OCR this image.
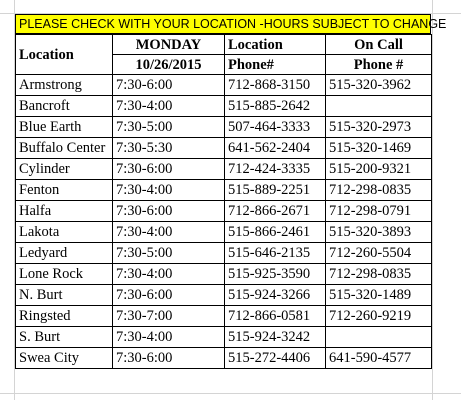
PLEASE CHECK WITH YOUR LOCATION -HOURS SUBJECT TO CHANGE
Location	MONDAY	Location	On Call
	10/26/2015	Phone#	Phone #
Armstrong	7:30-6:00	712-868-3150	515-320-3962
Bancroft	7:30-4:00	515-885-2642	
Blue Earth	7:30-5:00	507-464-3333	515-320-2973
Buffalo Center	7:30-5:30	641-562-2404	515-320-1469
Cylinder	7:30-6:00	712-424-3335	515-200-9321
Fenton	7:30-4:00	515-889-2251	712-298-0835
Halfa	7:30-6:00	712-866-2671	712-298-0791
Lakota	7:30-4:00	515-866-2461	515-320-3893
Ledyard	7:30-5:00	515-646-2135	712-260-5504
Lone Rock	7:30-4:00	515-925-3590	712-298-0835
N. Burt	7:30-6:00	515-924-3266	515-320-1489
Ringsted	7:30-7:00	712-866-0581	712-260-9219
S. Burt	7:30-4:00	515-924-3242	
Swea City	7:30-6:00	515-272-4406	641-590-4577
